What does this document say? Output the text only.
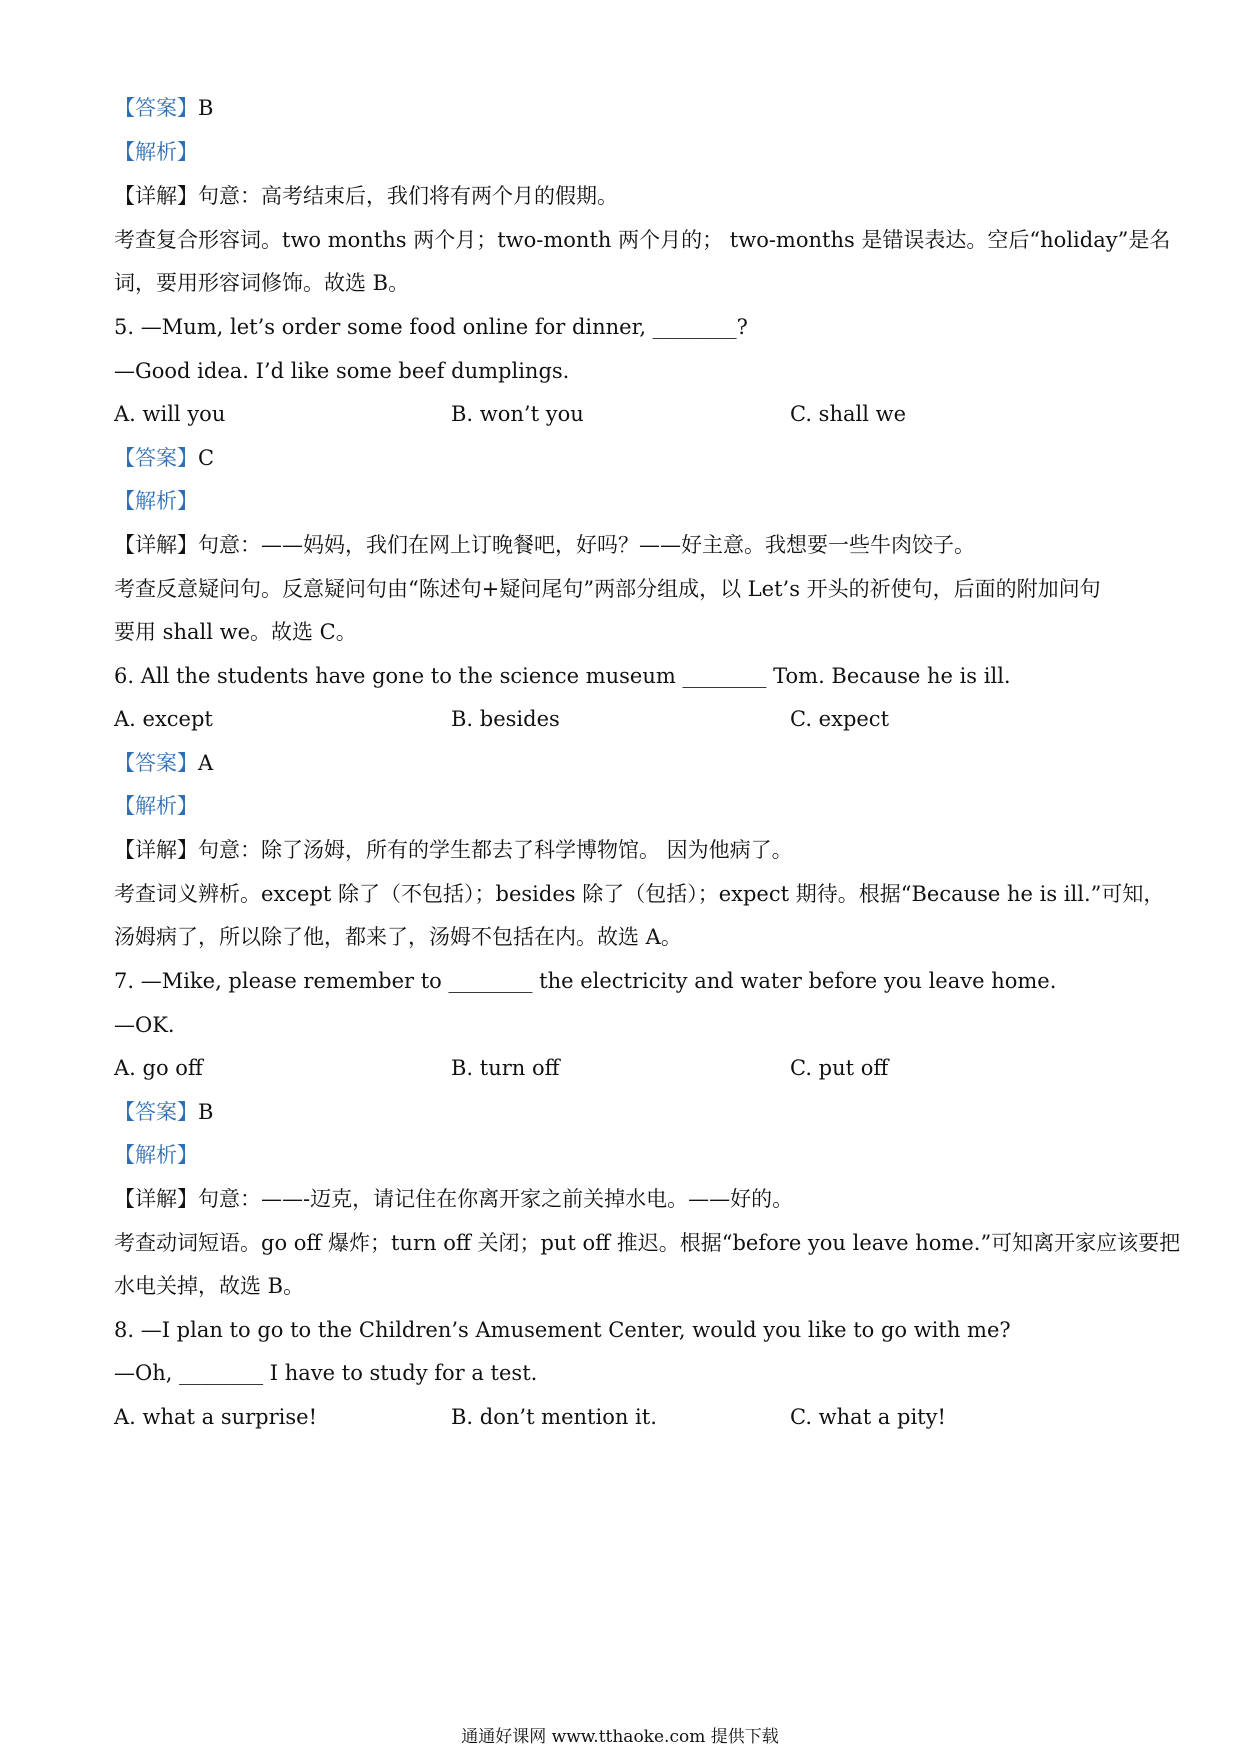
【答案】B
【解析】
【详解】句意：高考结束后，我们将有两个月的假期。
考查复合形容词。two months 两个月；two-month 两个月的； two-months 是错误表达。空后“holiday”是名
词，要用形容词修饰。故选 B。
5. —Mum, let’s order some food online for dinner, ________?
—Good idea. I’d like some beef dumplings.
A. will you	B. won’t you	C. shall we
【答案】C
【解析】
【详解】句意：——妈妈，我们在网上订晚餐吧，好吗？——好主意。我想要一些牛肉饺子。
考查反意疑问句。反意疑问句由“陈述句+疑问尾句”两部分组成，以 Let’s 开头的祈使句，后面的附加问句
要用 shall we。故选 C。
6. All the students have gone to the science museum ________ Tom. Because he is ill.
A. except	B. besides	C. expect
【答案】A
【解析】
【详解】句意：除了汤姆，所有的学生都去了科学博物馆。 因为他病了。
考查词义辨析。except 除了（不包括）；besides 除了（包括）；expect 期待。根据“Because he is ill.”可知，
汤姆病了，所以除了他，都来了，汤姆不包括在内。故选 A。
7. —Mike, please remember to ________ the electricity and water before you leave home.
—OK.
A. go off	B. turn off	C. put off
【答案】B
【解析】
【详解】句意：——-迈克，请记住在你离开家之前关掉水电。——好的。
考查动词短语。go off 爆炸；turn off 关闭；put off 推迟。根据“before you leave home.”可知离开家应该要把
水电关掉，故选 B。
8. —I plan to go to the Children’s Amusement Center, would you like to go with me?
—Oh, ________ I have to study for a test.
A. what a surprise!	B. don’t mention it.	C. what a pity!
通通好课网 www.tthaoke.com 提供下载
